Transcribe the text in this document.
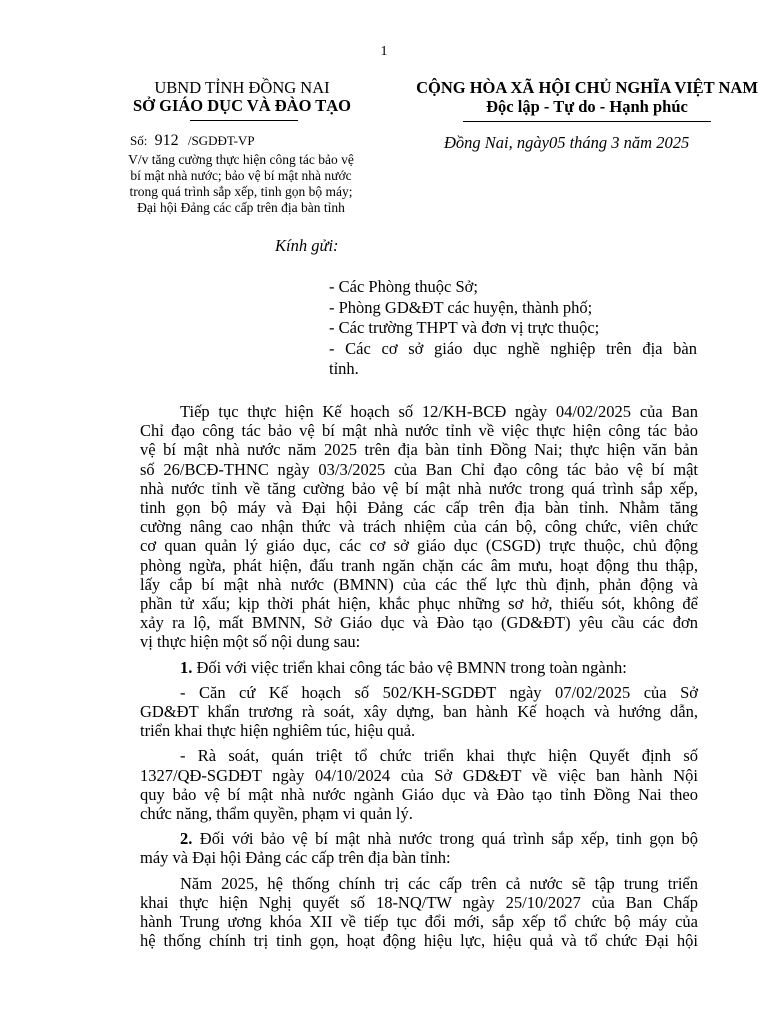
1
UBND TỈNH ĐỒNG NAI
SỞ GIÁO DỤC VÀ ĐÀO TẠO
CỘNG HÒA XÃ HỘI CHỦ NGHĨA VIỆT NAM
Độc lập - Tự do - Hạnh phúc
Số: 912 /SGDĐT-VP	Đồng Nai, ngày05 tháng 3 năm 2025
V/v tăng cường thực hiện công tác bảo vệ
bí mật nhà nước; bảo vệ bí mật nhà nước
trong quá trình sắp xếp, tinh gọn bộ máy;
Đại hội Đảng các cấp trên địa bàn tỉnh
Kính gửi:
- Các Phòng thuộc Sở;
- Phòng GD&ĐT các huyện, thành phố;
- Các trường THPT và đơn vị trực thuộc;
- Các cơ sở giáo dục nghề nghiệp trên địa bàn
tỉnh.
Tiếp tục thực hiện Kế hoạch số 12/KH-BCĐ ngày 04/02/2025 của Ban
Chỉ đạo công tác bảo vệ bí mật nhà nước tỉnh về việc thực hiện công tác bảo
vệ bí mật nhà nước năm 2025 trên địa bàn tỉnh Đồng Nai; thực hiện văn bản
số 26/BCĐ-THNC ngày 03/3/2025 của Ban Chỉ đạo công tác bảo vệ bí mật
nhà nước tỉnh về tăng cường bảo vệ bí mật nhà nước trong quá trình sắp xếp,
tinh gọn bộ máy và Đại hội Đảng các cấp trên địa bàn tỉnh. Nhằm tăng
cường nâng cao nhận thức và trách nhiệm của cán bộ, công chức, viên chức
cơ quan quản lý giáo dục, các cơ sở giáo dục (CSGD) trực thuộc, chủ động
phòng ngừa, phát hiện, đấu tranh ngăn chặn các âm mưu, hoạt động thu thập,
lấy cắp bí mật nhà nước (BMNN) của các thế lực thù định, phản động và
phần tử xấu; kịp thời phát hiện, khắc phục những sơ hở, thiếu sót, không để
xảy ra lộ, mất BMNN, Sở Giáo dục và Đào tạo (GD&ĐT) yêu cầu các đơn
vị thực hiện một số nội dung sau:
1. Đối với việc triển khai công tác bảo vệ BMNN trong toàn ngành:
- Căn cứ Kế hoạch số 502/KH-SGDĐT ngày 07/02/2025 của Sở
GD&ĐT khẩn trương rà soát, xây dựng, ban hành Kế hoạch và hướng dẫn,
triển khai thực hiện nghiêm túc, hiệu quả.
- Rà soát, quán triệt tổ chức triển khai thực hiện Quyết định số
1327/QĐ-SGDĐT ngày 04/10/2024 của Sở GD&ĐT về việc ban hành Nội
quy bảo vệ bí mật nhà nước ngành Giáo dục và Đào tạo tỉnh Đồng Nai theo
chức năng, thẩm quyền, phạm vi quản lý.
2. Đối với bảo vệ bí mật nhà nước trong quá trình sắp xếp, tinh gọn bộ
máy và Đại hội Đảng các cấp trên địa bàn tỉnh:
Năm 2025, hệ thống chính trị các cấp trên cả nước sẽ tập trung triển
khai thực hiện Nghị quyết số 18-NQ/TW ngày 25/10/2027 của Ban Chấp
hành Trung ương khóa XII về tiếp tục đổi mới, sắp xếp tổ chức bộ máy của
hệ thống chính trị tinh gọn, hoạt động hiệu lực, hiệu quả và tổ chức Đại hội
